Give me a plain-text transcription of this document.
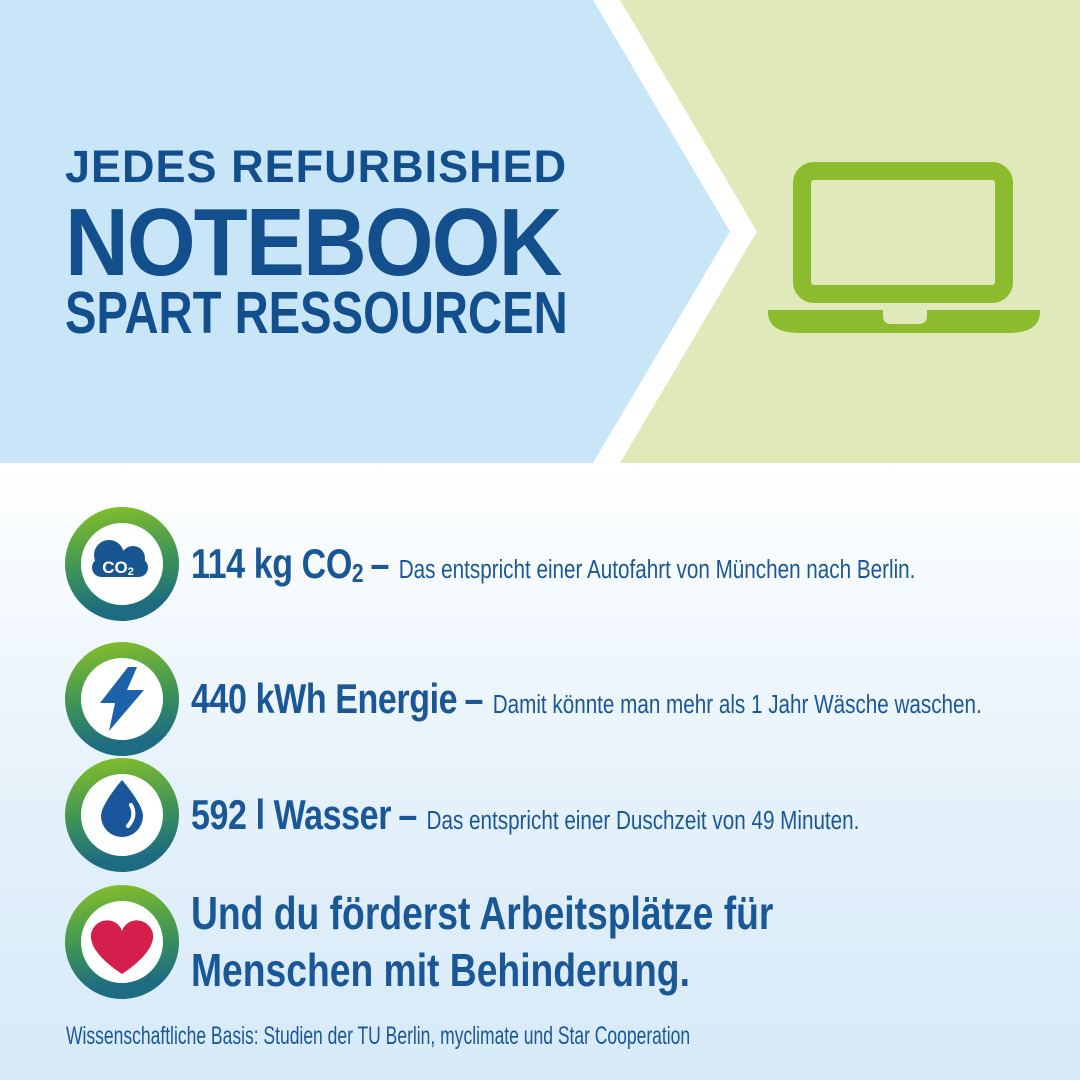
JEDES REFURBISHED
NOTEBOOK
SPART RESSOURCEN
CO2 114 kg CO2 – Das entspricht einer Autofahrt von München nach Berlin.
440 kWh Energie – Damit könnte man mehr als 1 Jahr Wäsche waschen.
592 l Wasser – Das entspricht einer Duschzeit von 49 Minuten.
Und du förderst Arbeitsplätze für
Menschen mit Behinderung.
Wissenschaftliche Basis: Studien der TU Berlin, myclimate und Star Cooperation
